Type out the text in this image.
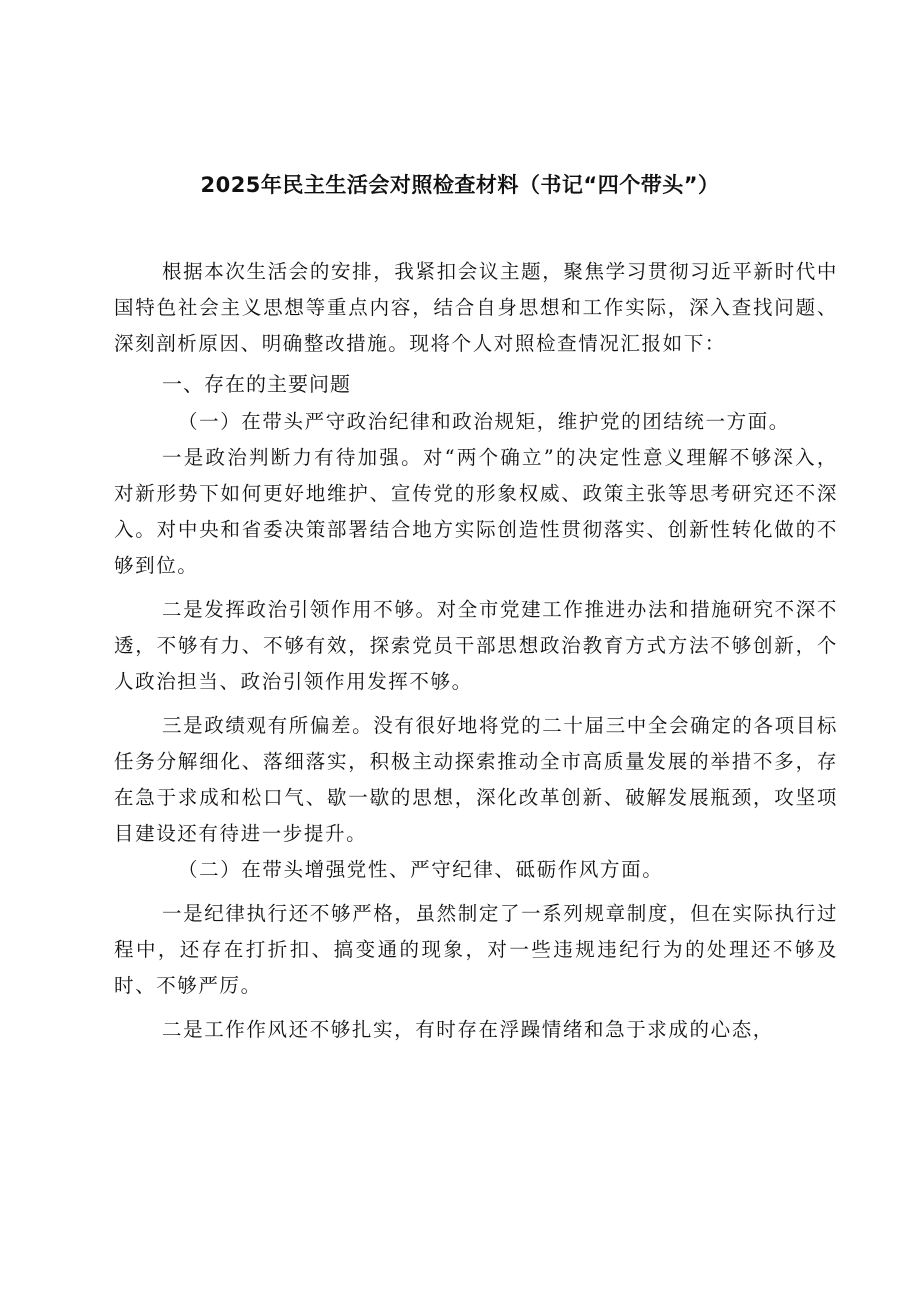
2025年民主生活会对照检查材料（书记“四个带头”）

根据本次生活会的安排，我紧扣会议主题，聚焦学习贯彻习近平新时代中国特色社会主义思想等重点内容，结合自身思想和工作实际，深入查找问题、深刻剖析原因、明确整改措施。现将个人对照检查情况汇报如下：

一、存在的主要问题

（一）在带头严守政治纪律和政治规矩，维护党的团结统一方面。

一是政治判断力有待加强。对“两个确立”的决定性意义理解不够深入，对新形势下如何更好地维护、宣传党的形象权威、政策主张等思考研究还不深入。对中央和省委决策部署结合地方实际创造性贯彻落实、创新性转化做的不够到位。

二是发挥政治引领作用不够。对全市党建工作推进办法和措施研究不深不透，不够有力、不够有效，探索党员干部思想政治教育方式方法不够创新，个人政治担当、政治引领作用发挥不够。

三是政绩观有所偏差。没有很好地将党的二十届三中全会确定的各项目标任务分解细化、落细落实，积极主动探索推动全市高质量发展的举措不多，存在急于求成和松口气、歇一歇的思想，深化改革创新、破解发展瓶颈，攻坚项目建设还有待进一步提升。

（二）在带头增强党性、严守纪律、砥砺作风方面。

一是纪律执行还不够严格，虽然制定了一系列规章制度，但在实际执行过程中，还存在打折扣、搞变通的现象，对一些违规违纪行为的处理还不够及时、不够严厉。

二是工作作风还不够扎实，有时存在浮躁情绪和急于求成的心态，
